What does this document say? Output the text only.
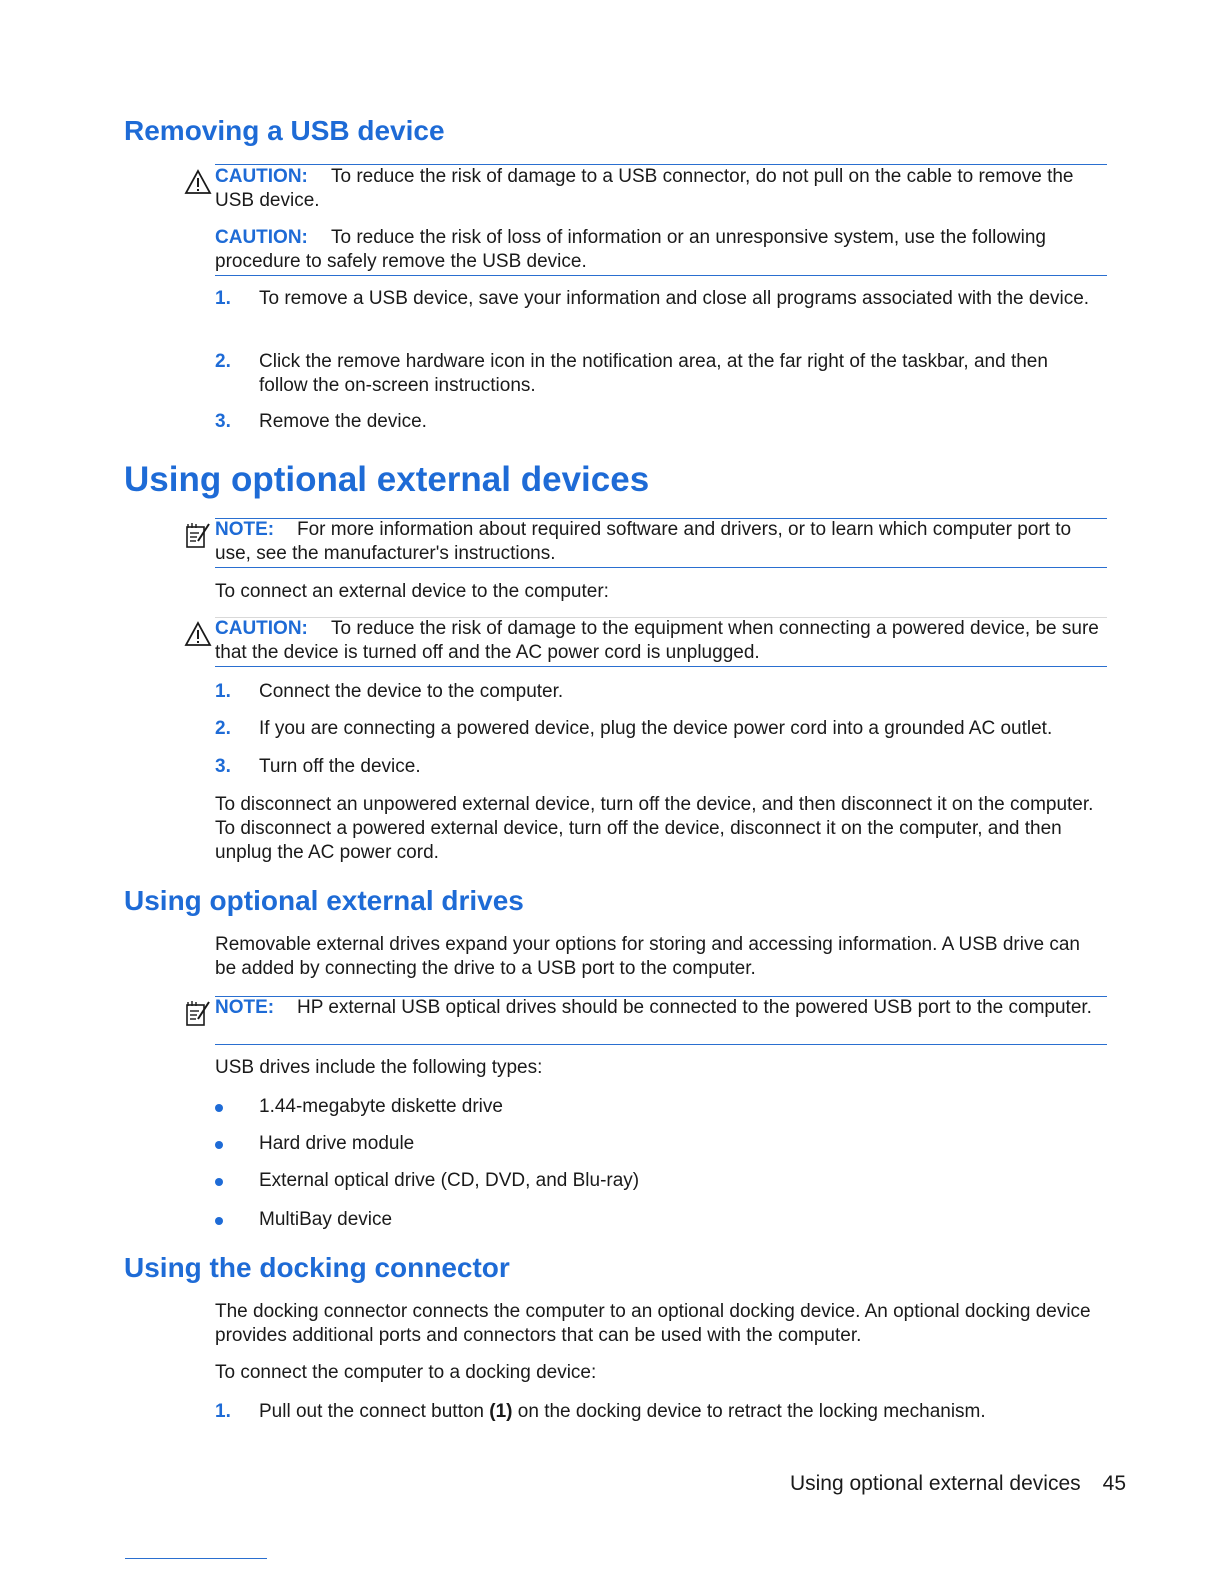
Removing a USB device
CAUTION: To reduce the risk of damage to a USB connector, do not pull on the cable to remove the USB device.
CAUTION: To reduce the risk of loss of information or an unresponsive system, use the following procedure to safely remove the USB device.
1. To remove a USB device, save your information and close all programs associated with the device.
2. Click the remove hardware icon in the notification area, at the far right of the taskbar, and then follow the on-screen instructions.
3. Remove the device.
Using optional external devices
NOTE: For more information about required software and drivers, or to learn which computer port to use, see the manufacturer's instructions.

To connect an external device to the computer:

CAUTION: To reduce the risk of damage to the equipment when connecting a powered device, be sure that the device is turned off and the AC power cord is unplugged.
1. Connect the device to the computer.
2. If you are connecting a powered device, plug the device power cord into a grounded AC outlet.
3. Turn off the device.

To disconnect an unpowered external device, turn off the device, and then disconnect it on the computer. To disconnect a powered external device, turn off the device, disconnect it on the computer, and then unplug the AC power cord.

Using optional external drives

Removable external drives expand your options for storing and accessing information. A USB drive can be added by connecting the drive to a USB port to the computer.

NOTE: HP external USB optical drives should be connected to the powered USB port to the computer.

USB drives include the following types:

1.44-megabyte diskette drive
Hard drive module
External optical drive (CD, DVD, and Blu-ray)
MultiBay device
Using the docking connector

The docking connector connects the computer to an optional docking device. An optional docking device provides additional ports and connectors that can be used with the computer.

To connect the computer to a docking device:

1. Pull out the connect button (1) on the docking device to retract the locking mechanism.
Using optional external devices 45
